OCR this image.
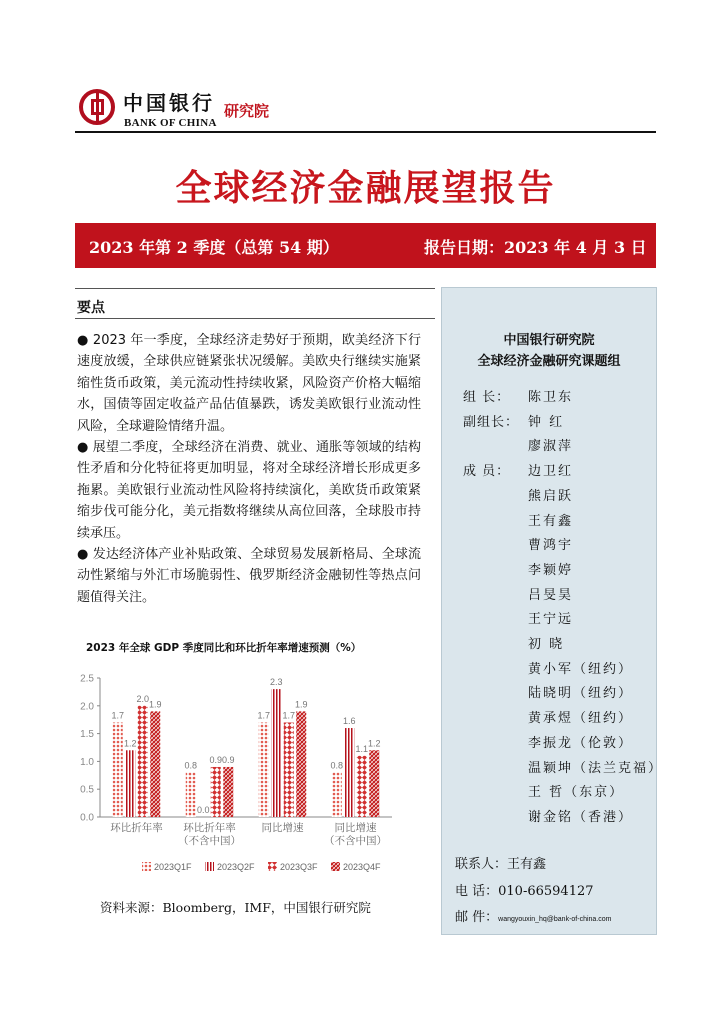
中国银行
BANK OF CHINA
研究院
全球经济金融展望报告
2023 年第 2 季度（总第 54 期）	报告日期：2023 年 4 月 3 日
要点

● 2023 年一季度，全球经济走势好于预期，欧美经济下行速度放缓，全球供应链紧张状况缓解。美欧央行继续实施紧缩性货币政策，美元流动性持续收紧，风险资产价格大幅缩水，国债等固定收益产品估值暴跌，诱发美欧银行业流动性风险，全球避险情绪升温。

● 展望二季度，全球经济在消费、就业、通胀等领域的结构性矛盾和分化特征将更加明显，将对全球经济增长形成更多拖累。美欧银行业流动性风险将持续演化，美欧货币政策紧缩步伐可能分化，美元指数将继续从高位回落，全球股市持续承压。

● 发达经济体产业补贴政策、全球贸易发展新格局、全球流动性紧缩与外汇市场脆弱性、俄罗斯经济金融韧性等热点问题值得关注。

2023 年全球 GDP 季度同比和环比折年率增速预测（%）
0.0
0.5
1.0
1.5
2.0
2.5
1.7
1.2
2.0
1.9
环比折年率
0.8
0.0
0.9 0.9
环比折年率
（不含中国）
1.7
2.3
1.7
1.9
同比增速
0.8
1.6
1.1
1.2
同比增速
（不含中国）
2023Q1F	2023Q2F	2023Q3F	2023Q4F
资料来源：Bloomberg，IMF，中国银行研究院
中国银行研究院
全球经济金融研究课题组
组 长： 陈卫东
副组长： 钟 红
廖淑萍
成 员： 边卫红
熊启跃
王有鑫
曹鸿宇
李颖婷
吕旻昊
王宁远
初 晓
黄小军（纽约）
陆晓明（纽约）
黄承煜（纽约）
李振龙（伦敦）
温颖坤（法兰克福）
王 哲（东京）
谢金铭（香港）
联系人：王有鑫
电 话：010-66594127
邮 件：wangyouxin_hq@bank-of-china.com
